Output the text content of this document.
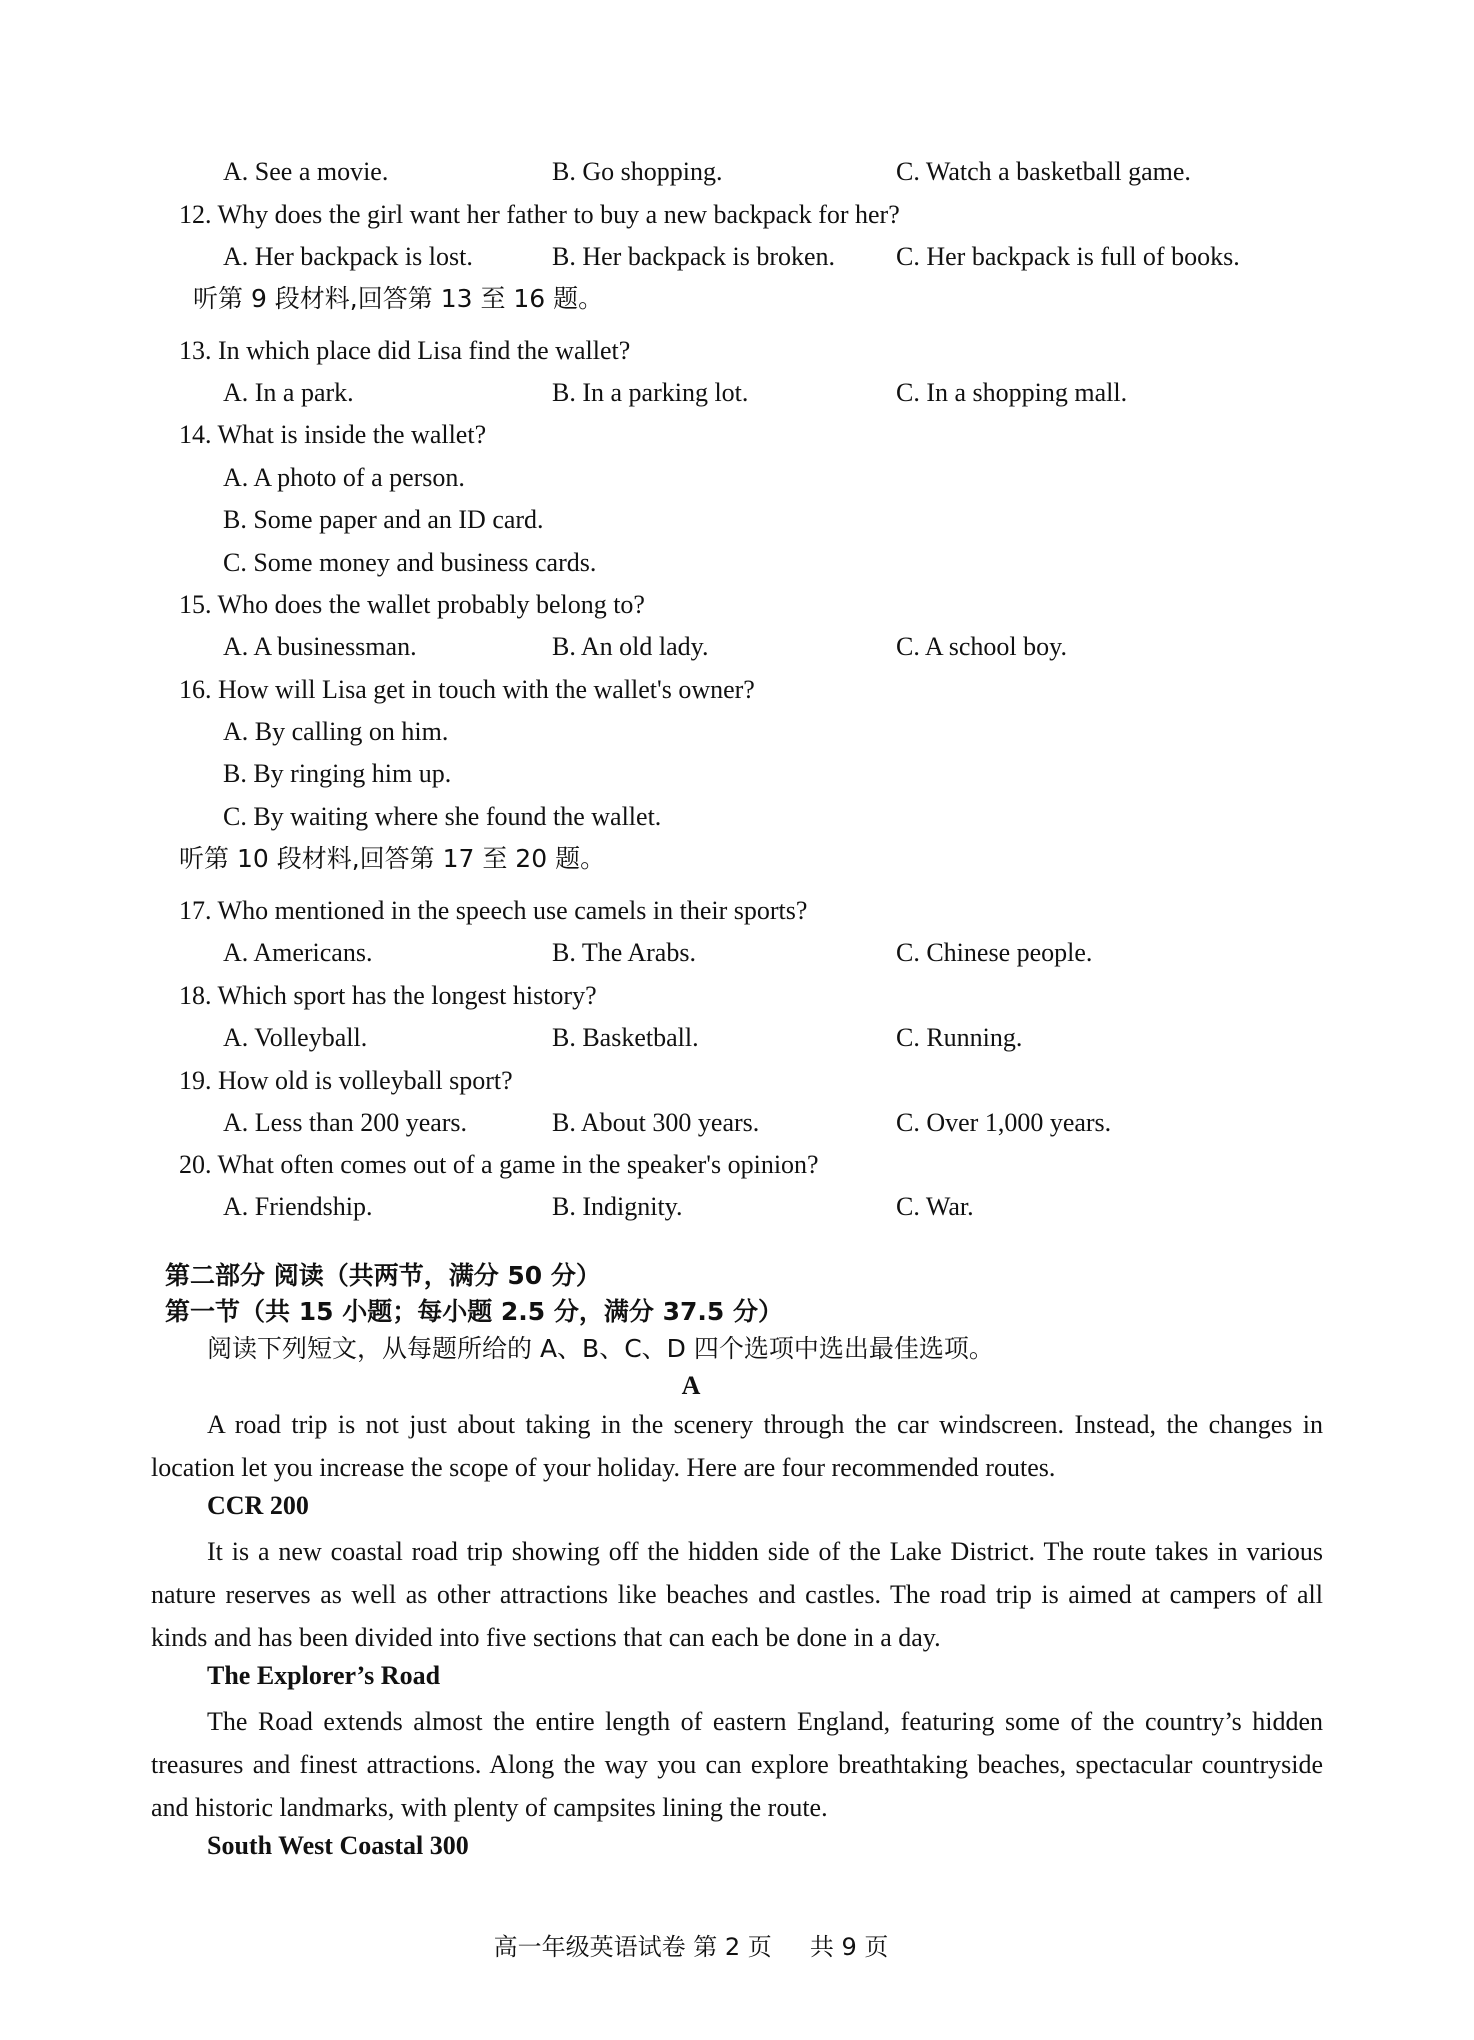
A. See a movie.	B. Go shopping.	C. Watch a basketball game.
12. Why does the girl want her father to buy a new backpack for her?
A. Her backpack is lost.	B. Her backpack is broken. C. Her backpack is full of books.
听第 9 段材料,回答第 13 至 16 题。
13. In which place did Lisa find the wallet?
A. In a park.	B. In a parking lot.	C. In a shopping mall.
14. What is inside the wallet?
A. A photo of a person.
B. Some paper and an ID card.
C. Some money and business cards.
15. Who does the wallet probably belong to?
A. A businessman.	B. An old lady.	C. A school boy.
16. How will Lisa get in touch with the wallet's owner?
A. By calling on him.
B. By ringing him up.
C. By waiting where she found the wallet.
听第 10 段材料,回答第 17 至 20 题。
17. Who mentioned in the speech use camels in their sports?
A. Americans.	B. The Arabs.	C. Chinese people.
18. Which sport has the longest history?
A. Volleyball.	B. Basketball.	C. Running.
19. How old is volleyball sport?
A. Less than 200 years.	B. About 300 years.	C. Over 1,000 years.
20. What often comes out of a game in the speaker's opinion?
A. Friendship.	B. Indignity.	C. War.
第二部分 阅读（共两节，满分 50 分）
第一节（共 15 小题；每小题 2.5 分，满分 37.5 分）
阅读下列短文，从每题所给的 A、B、C、D 四个选项中选出最佳选项。
A
A road trip is not just about taking in the scenery through the car windscreen. Instead, the changes in location let you increase the scope of your holiday. Here are four recommended routes.
CCR 200
It is a new coastal road trip showing off the hidden side of the Lake District. The route takes in various nature reserves as well as other attractions like beaches and castles. The road trip is aimed at campers of all kinds and has been divided into five sections that can each be done in a day.
The Explorer’s Road
The Road extends almost the entire length of eastern England, featuring some of the country’s hidden treasures and finest attractions. Along the way you can explore breathtaking beaches, spectacular countryside and historic landmarks, with plenty of campsites lining the route.
South West Coastal 300
高一年级英语试卷 第 2 页     共 9 页
